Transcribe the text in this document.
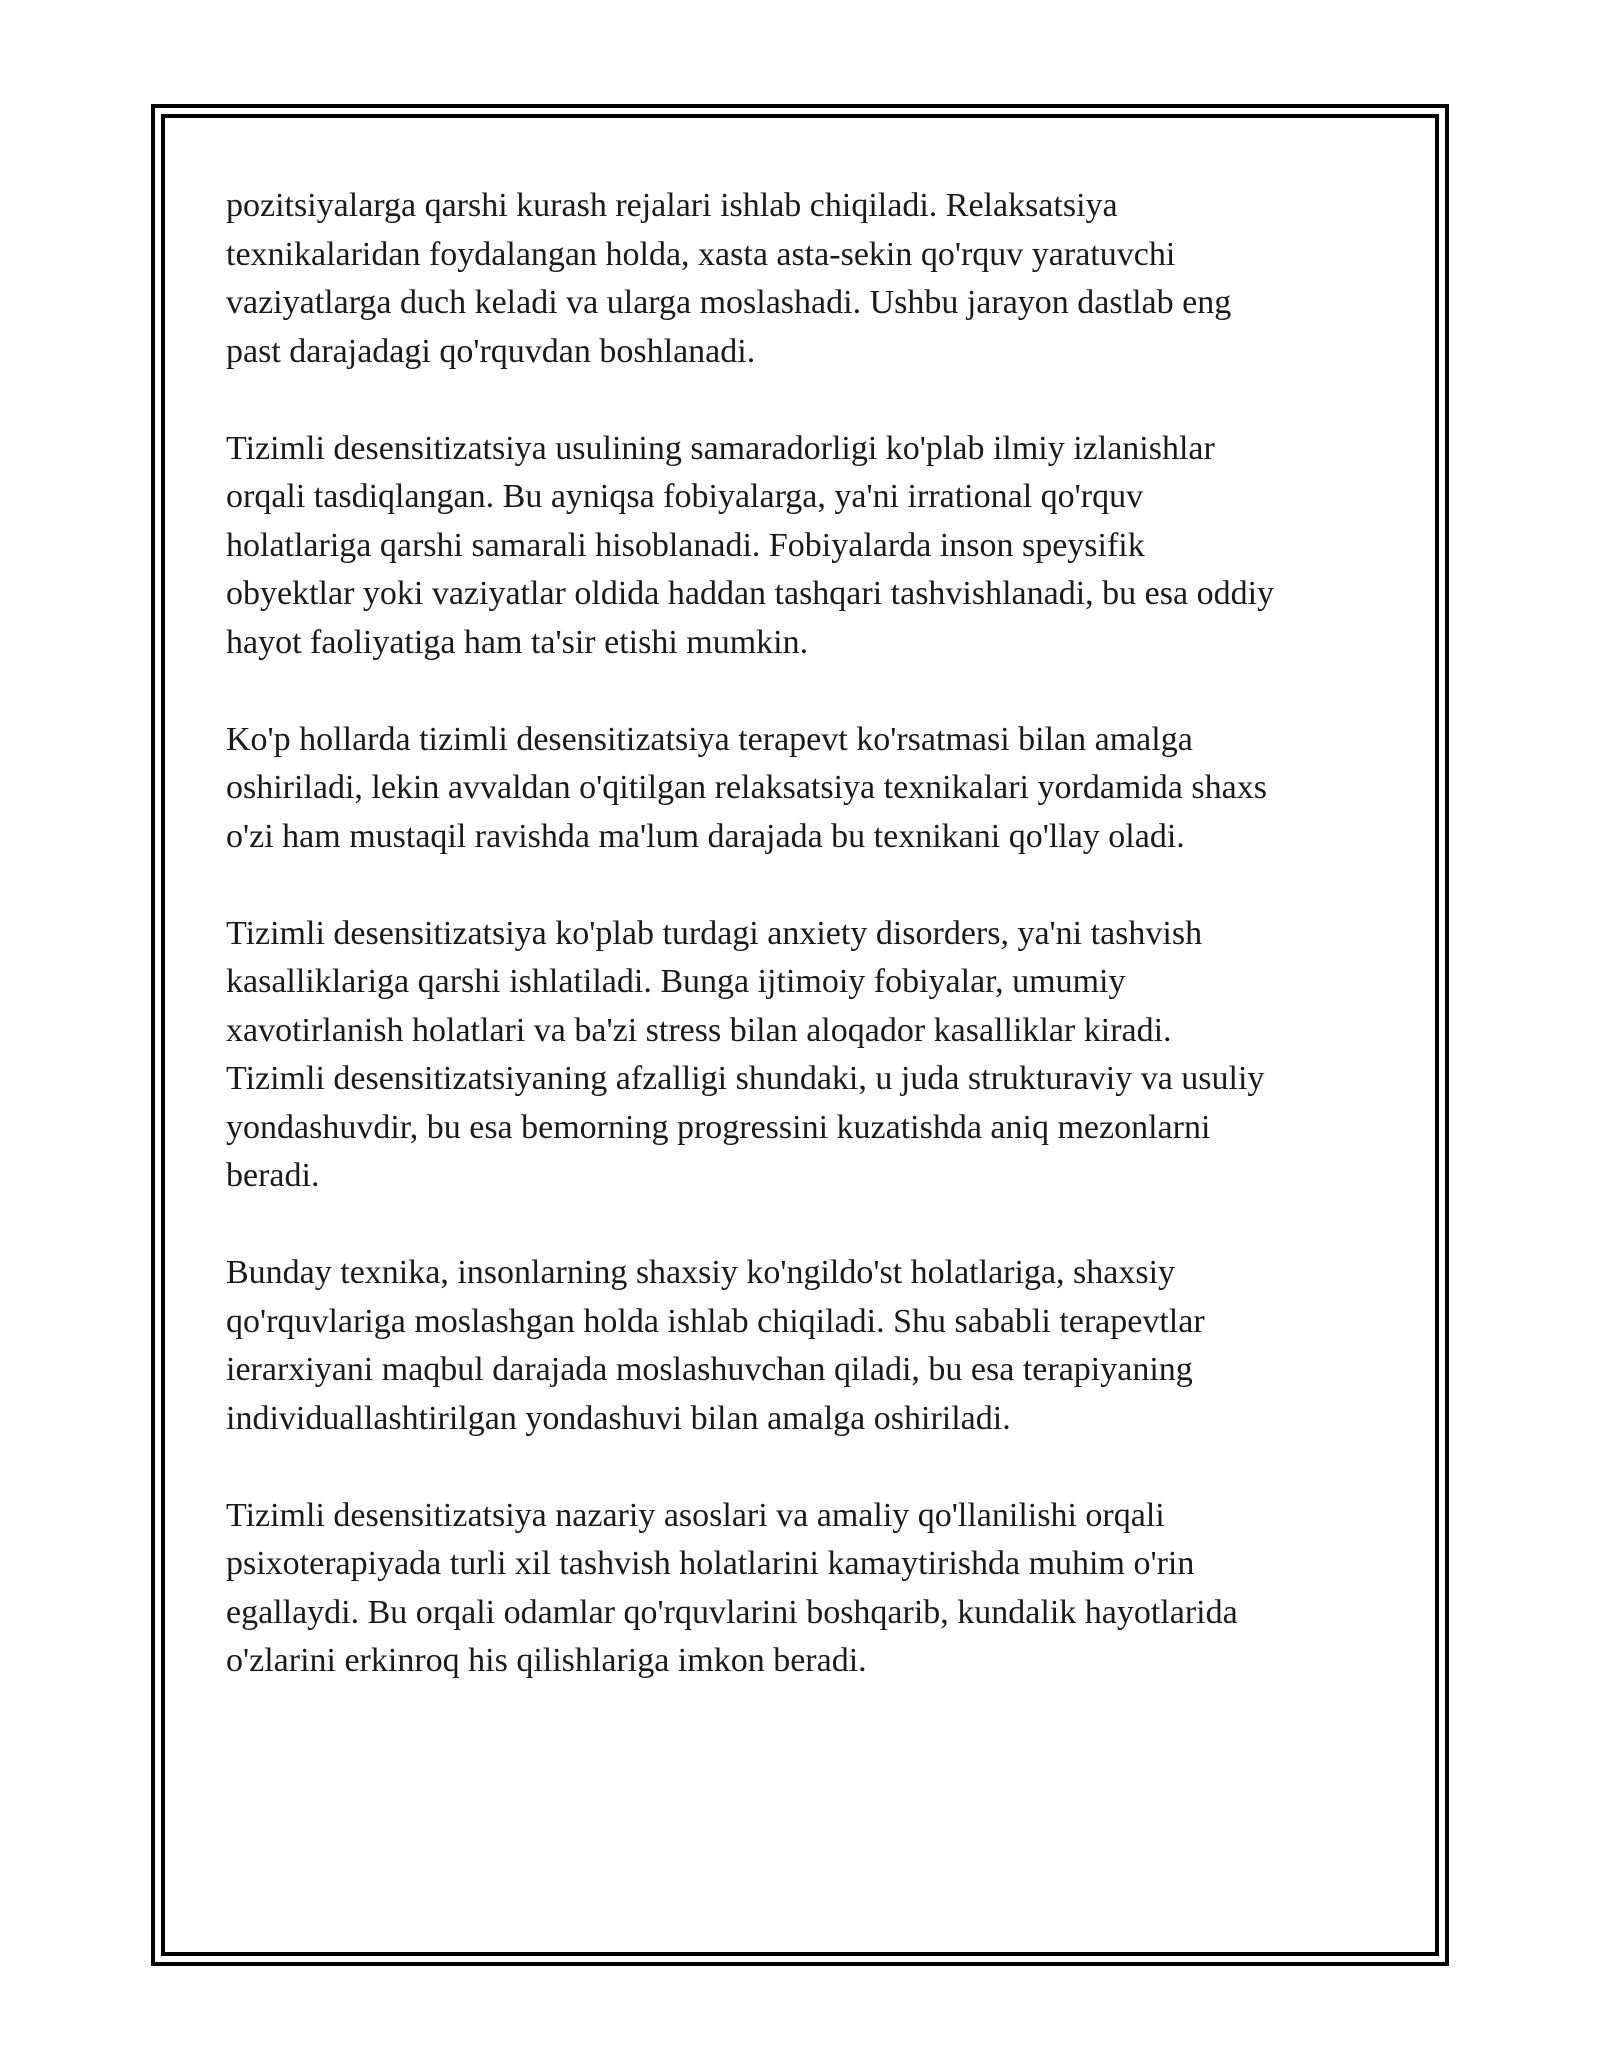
pozitsiyalarga qarshi kurash rejalari ishlab chiqiladi. Relaksatsiya
texnikalaridan foydalangan holda, xasta asta-sekin qo'rquv yaratuvchi
vaziyatlarga duch keladi va ularga moslashadi. Ushbu jarayon dastlab eng
past darajadagi qo'rquvdan boshlanadi.

Tizimli desensitizatsiya usulining samaradorligi ko'plab ilmiy izlanishlar
orqali tasdiqlangan. Bu ayniqsa fobiyalarga, ya'ni irrational qo'rquv
holatlariga qarshi samarali hisoblanadi. Fobiyalarda inson speysifik
obyektlar yoki vaziyatlar oldida haddan tashqari tashvishlanadi, bu esa oddiy
hayot faoliyatiga ham ta'sir etishi mumkin.

Ko'p hollarda tizimli desensitizatsiya terapevt ko'rsatmasi bilan amalga
oshiriladi, lekin avvaldan o'qitilgan relaksatsiya texnikalari yordamida shaxs
o'zi ham mustaqil ravishda ma'lum darajada bu texnikani qo'llay oladi.

Tizimli desensitizatsiya ko'plab turdagi anxiety disorders, ya'ni tashvish
kasalliklariga qarshi ishlatiladi. Bunga ijtimoiy fobiyalar, umumiy
xavotirlanish holatlari va ba'zi stress bilan aloqador kasalliklar kiradi.
Tizimli desensitizatsiyaning afzalligi shundaki, u juda strukturaviy va usuliy
yondashuvdir, bu esa bemorning progressini kuzatishda aniq mezonlarni
beradi.

Bunday texnika, insonlarning shaxsiy ko'ngildo'st holatlariga, shaxsiy
qo'rquvlariga moslashgan holda ishlab chiqiladi. Shu sababli terapevtlar
ierarxiyani maqbul darajada moslashuvchan qiladi, bu esa terapiyaning
individuallashtirilgan yondashuvi bilan amalga oshiriladi.

Tizimli desensitizatsiya nazariy asoslari va amaliy qo'llanilishi orqali
psixoterapiyada turli xil tashvish holatlarini kamaytirishda muhim o'rin
egallaydi. Bu orqali odamlar qo'rquvlarini boshqarib, kundalik hayotlarida
o'zlarini erkinroq his qilishlariga imkon beradi.
